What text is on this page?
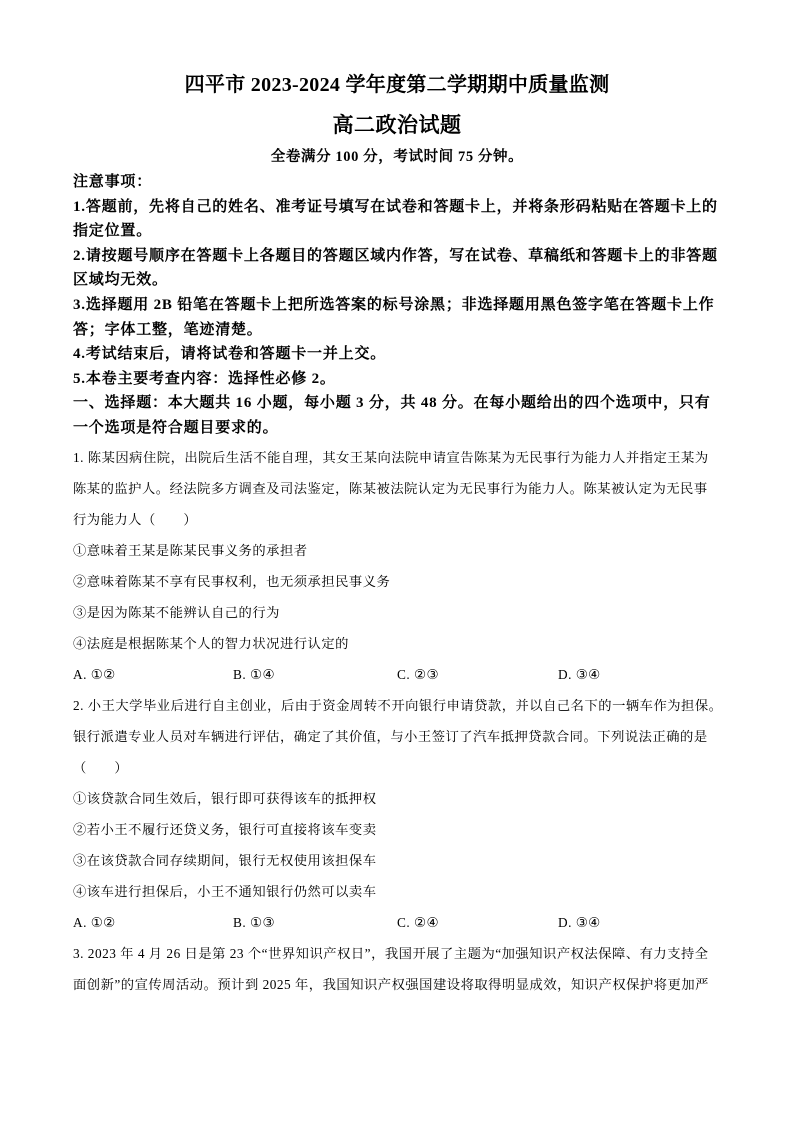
四平市 2023-2024 学年度第二学期期中质量监测
高二政治试题
全卷满分 100 分，考试时间 75 分钟。
注意事项：
1.答题前，先将自己的姓名、准考证号填写在试卷和答题卡上，并将条形码粘贴在答题卡上的
指定位置。
2.请按题号顺序在答题卡上各题目的答题区域内作答，写在试卷、草稿纸和答题卡上的非答题
区域均无效。
3.选择题用 2B 铅笔在答题卡上把所选答案的标号涂黑；非选择题用黑色签字笔在答题卡上作
答；字体工整，笔迹清楚。
4.考试结束后，请将试卷和答题卡一并上交。
5.本卷主要考查内容：选择性必修 2。
一、选择题：本大题共 16 小题，每小题 3 分，共 48 分。在每小题给出的四个选项中，只有
一个选项是符合题目要求的。
1. 陈某因病住院，出院后生活不能自理，其女王某向法院申请宣告陈某为无民事行为能力人并指定王某为
陈某的监护人。经法院多方调查及司法鉴定，陈某被法院认定为无民事行为能力人。陈某被认定为无民事
行为能力人（　　）
①意味着王某是陈某民事义务的承担者
②意味着陈某不享有民事权利，也无须承担民事义务
③是因为陈某不能辨认自己的行为
④法庭是根据陈某个人的智力状况进行认定的

A. ①②

	B. ①④

	C. ②③

	D. ③④

2. 小王大学毕业后进行自主创业，后由于资金周转不开向银行申请贷款，并以自己名下的一辆车作为担保。
银行派遣专业人员对车辆进行评估，确定了其价值，与小王签订了汽车抵押贷款合同。下列说法正确的是
（　　）
①该贷款合同生效后，银行即可获得该车的抵押权
②若小王不履行还贷义务，银行可直接将该车变卖
③在该贷款合同存续期间，银行无权使用该担保车
④该车进行担保后，小王不通知银行仍然可以卖车

A. ①②

	B. ①③

	C. ②④

	D. ③④

3. 2023 年 4 月 26 日是第 23 个“世界知识产权日”，我国开展了主题为“加强知识产权法保障、有力支持全
面创新”的宣传周活动。预计到 2025 年，我国知识产权强国建设将取得明显成效，知识产权保护将更加严
